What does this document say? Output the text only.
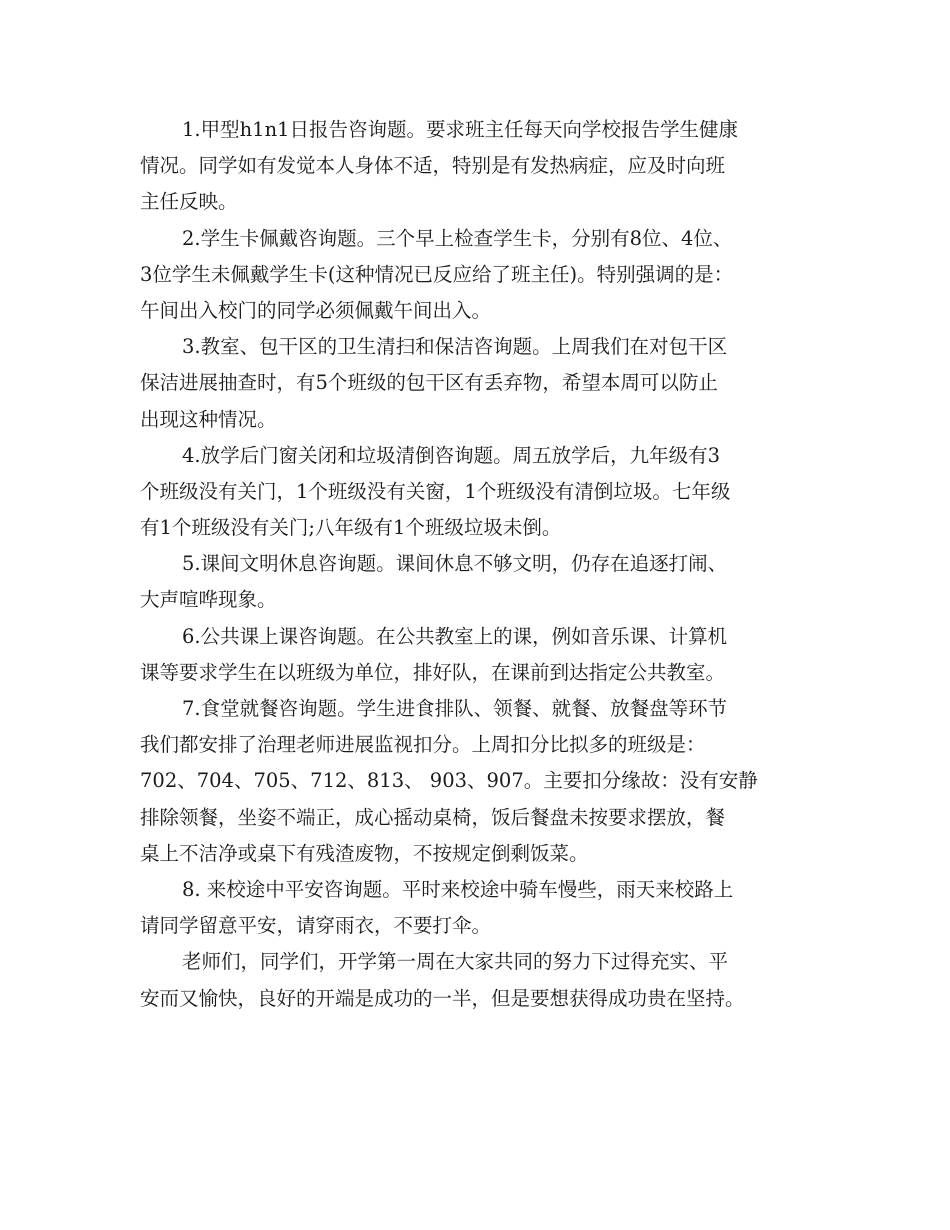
1.甲型h1n1日报告咨询题。要求班主任每天向学校报告学生健康
情况。同学如有发觉本人身体不适，特别是有发热病症，应及时向班
主任反映。
2.学生卡佩戴咨询题。三个早上检查学生卡，分别有8位、4位、
3位学生未佩戴学生卡(这种情况已反应给了班主任)。特别强调的是：
午间出入校门的同学必须佩戴午间出入。
3.教室、包干区的卫生清扫和保洁咨询题。上周我们在对包干区
保洁进展抽查时，有5个班级的包干区有丢弃物，希望本周可以防止
出现这种情况。
4.放学后门窗关闭和垃圾清倒咨询题。周五放学后，九年级有3
个班级没有关门，1个班级没有关窗，1个班级没有清倒垃圾。七年级
有1个班级没有关门;八年级有1个班级垃圾未倒。
5.课间文明休息咨询题。课间休息不够文明，仍存在追逐打闹、
大声喧哗现象。
6.公共课上课咨询题。在公共教室上的课，例如音乐课、计算机
课等要求学生在以班级为单位，排好队，在课前到达指定公共教室。
7.食堂就餐咨询题。学生进食排队、领餐、就餐、放餐盘等环节
我们都安排了治理老师进展监视扣分。上周扣分比拟多的班级是：
702、704、705、712、813、 903、907。主要扣分缘故：没有安静
排除领餐，坐姿不端正，成心摇动桌椅，饭后餐盘未按要求摆放，餐
桌上不洁净或桌下有残渣废物，不按规定倒剩饭菜。
8. 来校途中平安咨询题。平时来校途中骑车慢些，雨天来校路上
请同学留意平安，请穿雨衣，不要打伞。
老师们，同学们，开学第一周在大家共同的努力下过得充实、平
安而又愉快，良好的开端是成功的一半，但是要想获得成功贵在坚持。
